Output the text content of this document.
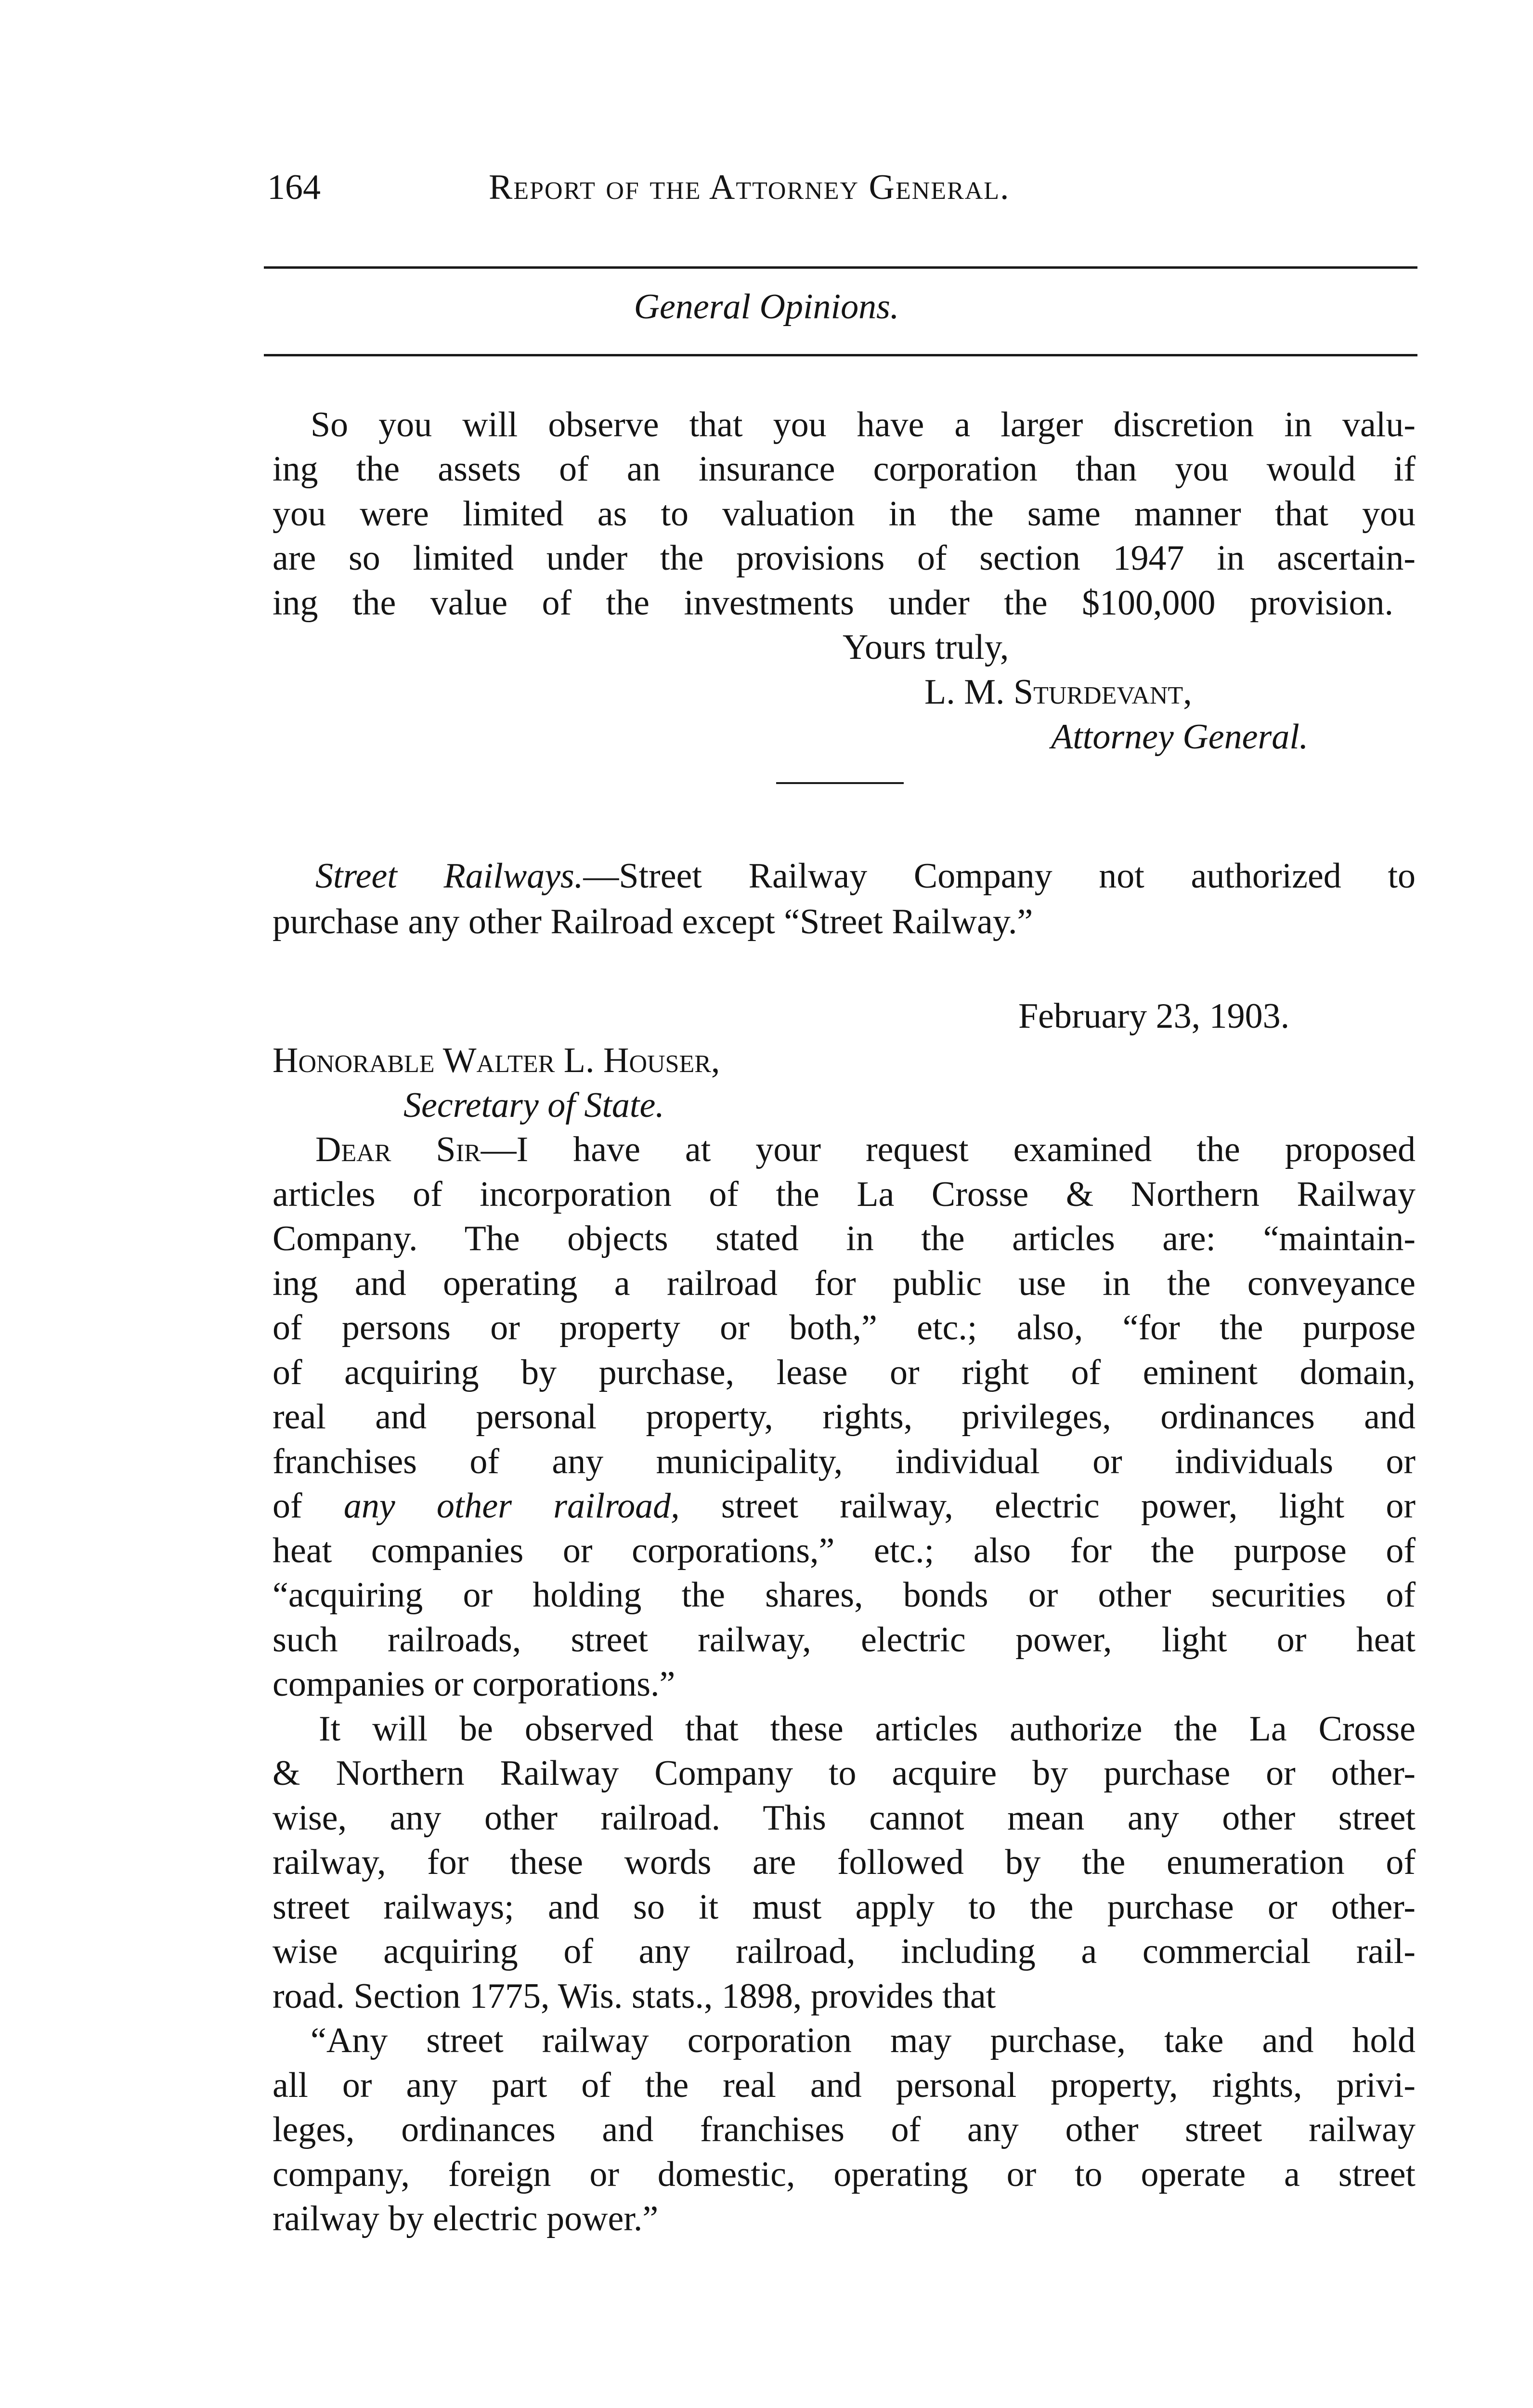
164	Report of the Attorney General.
General Opinions.
So you will observe that you have a larger discretion in valu-
ing the assets of an insurance corporation than you would if
you were limited as to valuation in the same manner that you
are so limited under the provisions of section 1947 in ascertain-
ing the value of the investments under the $100,000 provision.
Yours truly,
L. M. Sturdevant,
Attorney General.
Street Railways.—Street Railway Company not authorized to
purchase any other Railroad except “Street Railway.”
February 23, 1903.
Honorable Walter L. Houser,
Secretary of State.
Dear Sir—I have at your request examined the proposed
articles of incorporation of the La Crosse & Northern Railway
Company. The objects stated in the articles are: “maintain-
ing and operating a railroad for public use in the conveyance
of persons or property or both,” etc.; also, “for the purpose
of acquiring by purchase, lease or right of eminent domain,
real and personal property, rights, privileges, ordinances and
franchises of any municipality, individual or individuals or
of any other railroad, street railway, electric power, light or
heat companies or corporations,” etc.; also for the purpose of
“acquiring or holding the shares, bonds or other securities of
such railroads, street railway, electric power, light or heat
companies or corporations.”
It will be observed that these articles authorize the La Crosse
& Northern Railway Company to acquire by purchase or other-
wise, any other railroad. This cannot mean any other street
railway, for these words are followed by the enumeration of
street railways; and so it must apply to the purchase or other-
wise acquiring of any railroad, including a commercial rail-
road. Section 1775, Wis. stats., 1898, provides that
“Any street railway corporation may purchase, take and hold
all or any part of the real and personal property, rights, privi-
leges, ordinances and franchises of any other street railway
company, foreign or domestic, operating or to operate a street
railway by electric power.”
